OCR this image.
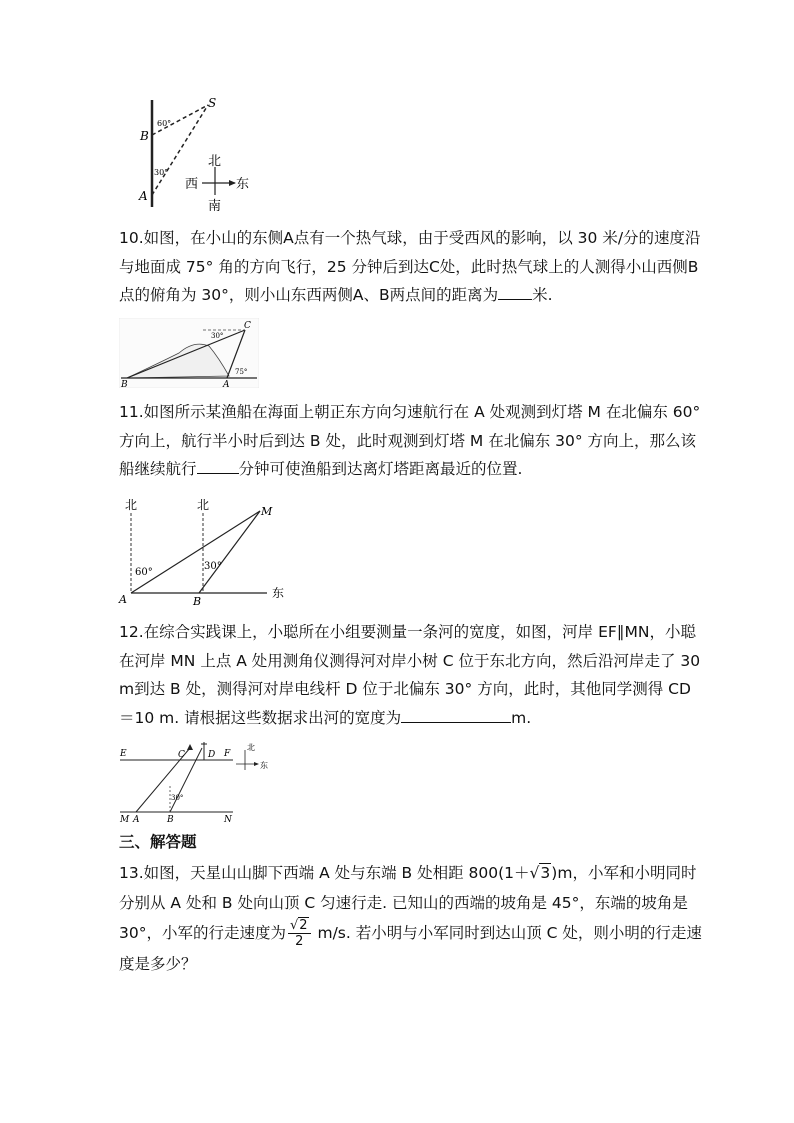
S
B
A
60°
30°
北
西	东
南

10.如图，在小山的东侧A点有一个热气球，由于受西风的影响，以 30 米/分的速度沿与地面成 75° 角的方向飞行，25 分钟后到达C处，此时热气球上的人测得小山西侧B点的俯角为 30°，则小山东西两侧A、B两点间的距离为 米.

C
B	A
30°
75°

11.如图所示某渔船在海面上朝正东方向匀速航行在 A 处观测到灯塔 M 在北偏东 60° 方向上，航行半小时后到达 B 处，此时观测到灯塔 M 在北偏东 30° 方向上，那么该船继续航行	分钟可使渔船到达离灯塔距离最近的位置.

北	北
东
A	B
M
60°
30°

12.在综合实践课上，小聪所在小组要测量一条河的宽度，如图，河岸 EF∥MN，小聪在河岸 MN 上点 A 处用测角仪测得河对岸小树 C 位于东北方向，然后沿河岸走了 30 m到达 B 处，测得河对岸电线杆 D 位于北偏东 30° 方向，此时，其他同学测得 CD＝10 m. 请根据这些数据求出河的宽度为	m.

E	C	D F
M A	B	N
30°
北
东
三、解答题

13.如图，天星山山脚下西端 A 处与东端 B 处相距 800(1＋√3)m，小军和小明同时分别从 A 处和 B 处向山顶 C 匀速行走. 已知山的西端的坡角是 45°，东端的坡角是 30°，小军的行走速度为 $\frac{√2}{2} m/s$. 若小明与小军同时到达山顶 C 处，则小明的行走速度是多少？
